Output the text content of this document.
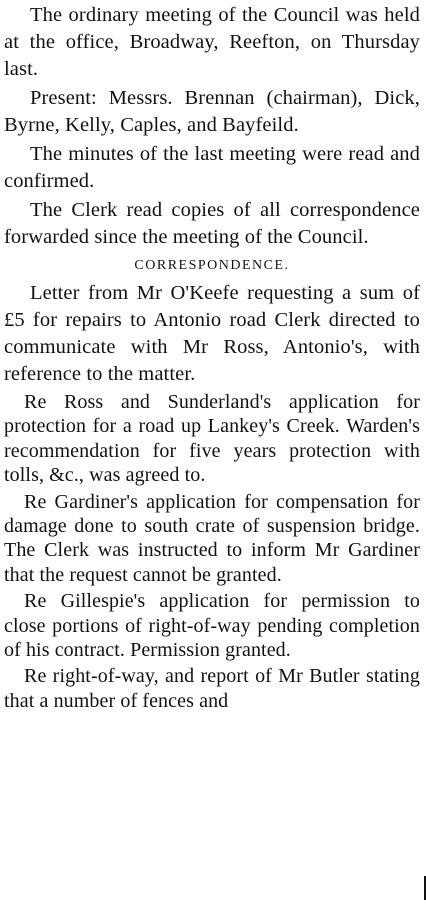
The ordinary meeting of the Council was held at the office, Broadway, Reefton, on Thursday last.

Present: Messrs. Brennan (chairman), Dick, Byrne, Kelly, Caples, and Bayfeild.

The minutes of the last meeting were read and confirmed.

The Clerk read copies of all correspondence forwarded since the meeting of the Council.

CORRESPONDENCE.

Letter from Mr O'Keefe requesting a sum of £5 for repairs to Antonio road Clerk directed to communicate with Mr Ross, Antonio's, with reference to the matter.

Re Ross and Sunderland's application for protection for a road up Lankey's Creek. Warden's recommendation for five years protection with tolls, &c., was agreed to.

Re Gardiner's application for compensation for damage done to south crate of suspension bridge. The Clerk was instructed to inform Mr Gardiner that the request cannot be granted.

Re Gillespie's application for permission to close portions of right-of-way pending completion of his contract. Permission granted.

Re right-of-way, and report of Mr Butler stating that a number of fences and
